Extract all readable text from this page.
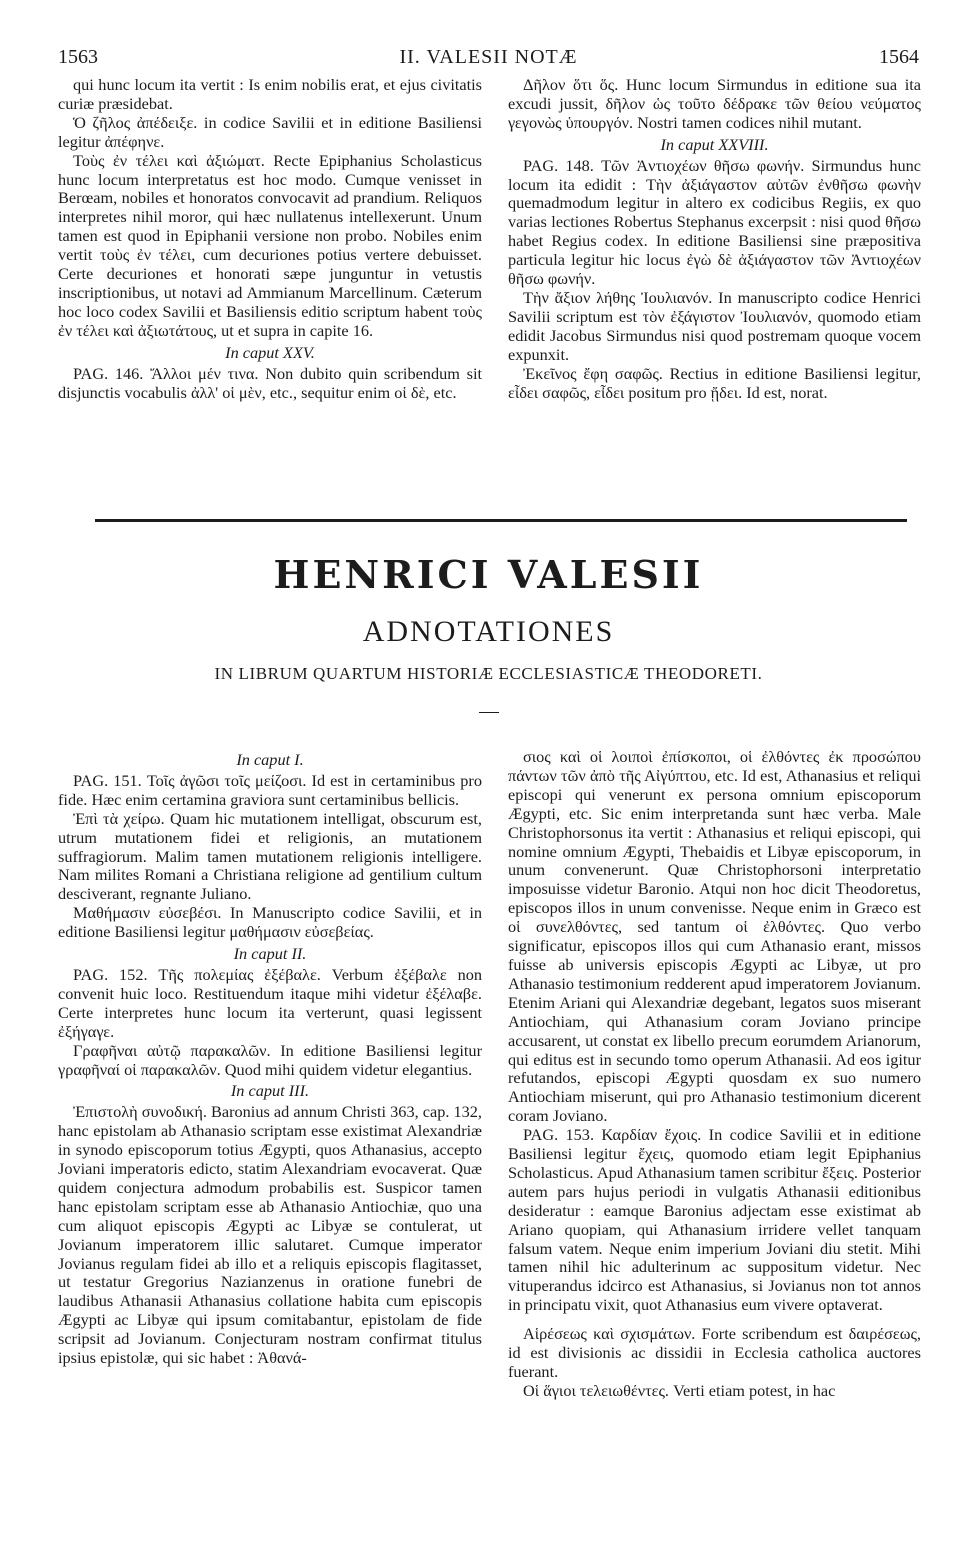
1563	II. VALESII NOTÆ	1564

qui hunc locum ita vertit : Is enim nobilis erat, et ejus civitatis curiæ præsidebat.

Ὁ ζῆλος ἀπέδειξε. in codice Savilii et in editione Basiliensi legitur ἀπέφηνε.

Τοὺς ἐν τέλει καὶ ἀξιώματ. Recte Epiphanius Scholasticus hunc locum interpretatus est hoc modo. Cumque venisset in Berœam, nobiles et honoratos convocavit ad prandium. Reliquos interpretes nihil moror, qui hæc nullatenus intellexerunt. Unum tamen est quod in Epiphanii versione non probo. Nobiles enim vertit τοὺς ἐν τέλει, cum decuriones potius vertere debuisset. Certe decuriones et honorati sæpe junguntur in vetustis inscriptionibus, ut notavi ad Ammianum Marcellinum. Cæterum hoc loco codex Savilii et Basiliensis editio scriptum habent τοὺς ἐν τέλει καὶ ἀξιωτάτους, ut et supra in capite 16.

In caput XXV.

PAG. 146. Ἄλλοι μέν τινα. Non dubito quin scribendum sit disjunctis vocabulis ἀλλ' οἱ μὲν, etc., sequitur enim οἱ δὲ, etc.

Δῆλον ὅτι ὅς. Hunc locum Sirmundus in editione sua ita excudi jussit, δῆλον ὡς τοῦτο δέδρακε τῶν θείου νεύματος γεγονὼς ὑπουργόν. Nostri tamen codices nihil mutant.

In caput XXVIII.

PAG. 148. Τῶν Ἀντιοχέων θῆσω φωνήν. Sirmundus hunc locum ita edidit : Τὴν ἀξιάγαστον αὐτῶν ἐνθῆσω φωνὴν quemadmodum legitur in altero ex codicibus Regiis, ex quo varias lectiones Robertus Stephanus excerpsit : nisi quod θῆσω habet Regius codex. In editione Basiliensi sine præpositiva particula legitur hic locus ἐγὼ δὲ ἀξιάγαστον τῶν Ἀντιοχέων θῆσω φωνήν.

Τὴν ἄξιον λήθης Ἰουλιανόν. In manuscripto codice Henrici Savilii scriptum est τὸν ἐξάγιστον Ἰουλιανόν, quomodo etiam edidit Jacobus Sirmundus nisi quod postremam quoque vocem expunxit.

Ἐκεῖνος ἔφη σαφῶς. Rectius in editione Basiliensi legitur, εἶδει σαφῶς, εἶδει positum pro ᾔδει. Id est, norat.

HENRICI VALESII
ADNOTATIONES
IN LIBRUM QUARTUM HISTORIÆ ECCLESIASTICÆ THEODORETI.

In caput I.

PAG. 151. Τοῖς ἀγῶσι τοῖς μείζοσι. Id est in certaminibus pro fide. Hæc enim certamina graviora sunt certaminibus bellicis.

Ἐπὶ τὰ χείρω. Quam hic mutationem intelligat, obscurum est, utrum mutationem fidei et religionis, an mutationem suffragiorum. Malim tamen mutationem religionis intelligere. Nam milites Romani a Christiana religione ad gentilium cultum desciverant, regnante Juliano.

Μαθήμασιν εὐσεβέσι. In Manuscripto codice Savilii, et in editione Basiliensi legitur μαθήμασιν εὐσεβείας.

In caput II.

PAG. 152. Τῆς πολεμίας ἐξέβαλε. Verbum ἐξέβαλε non convenit huic loco. Restituendum itaque mihi videtur ἐξέλαβε. Certe interpretes hunc locum ita verterunt, quasi legissent ἐξήγαγε.

Γραφῆναι αὐτῷ παρακαλῶν. In editione Basiliensi legitur γραφῆναί οἱ παρακαλῶν. Quod mihi quidem videtur elegantius.

In caput III.

Ἐπιστολὴ συνοδική. Baronius ad annum Christi 363, cap. 132, hanc epistolam ab Athanasio scriptam esse existimat Alexandriæ in synodo episcoporum totius Ægypti, quos Athanasius, accepto Joviani imperatoris edicto, statim Alexandriam evocaverat. Quæ quidem conjectura admodum probabilis est. Suspicor tamen hanc epistolam scriptam esse ab Athanasio Antiochiæ, quo una cum aliquot episcopis Ægypti ac Libyæ se contulerat, ut Jovianum imperatorem illic salutaret. Cumque imperator Jovianus regulam fidei ab illo et a reliquis episcopis flagitasset, ut testatur Gregorius Nazianzenus in oratione funebri de laudibus Athanasii Athanasius collatione habita cum episcopis Ægypti ac Libyæ qui ipsum comitabantur, epistolam de fide scripsit ad Jovianum. Conjecturam nostram confirmat titulus ipsius epistolæ, qui sic habet : Ἀθανά-

σιος καὶ οἱ λοιποὶ ἐπίσκοποι, οἱ ἐλθόντες ἐκ προσώπου πάντων τῶν ἀπὸ τῆς Αἰγύπτου, etc. Id est, Athanasius et reliqui episcopi qui venerunt ex persona omnium episcoporum Ægypti, etc. Sic enim interpretanda sunt hæc verba. Male Christophorsonus ita vertit : Athanasius et reliqui episcopi, qui nomine omnium Ægypti, Thebaidis et Libyæ episcoporum, in unum convenerunt. Quæ Christophorsoni interpretatio imposuisse videtur Baronio. Atqui non hoc dicit Theodoretus, episcopos illos in unum convenisse. Neque enim in Græco est οἱ συνελθόντες, sed tantum οἱ ἐλθόντες. Quo verbo significatur, episcopos illos qui cum Athanasio erant, missos fuisse ab universis episcopis Ægypti ac Libyæ, ut pro Athanasio testimonium redderent apud imperatorem Jovianum. Etenim Ariani qui Alexandriæ degebant, legatos suos miserant Antiochiam, qui Athanasium coram Joviano principe accusarent, ut constat ex libello precum eorumdem Arianorum, qui editus est in secundo tomo operum Athanasii. Ad eos igitur refutandos, episcopi Ægypti quosdam ex suo numero Antiochiam miserunt, qui pro Athanasio testimonium dicerent coram Joviano.

PAG. 153. Καρδίαν ἔχοις. In codice Savilii et in editione Basiliensi legitur ἔχεις, quomodo etiam legit Epiphanius Scholasticus. Apud Athanasium tamen scribitur ἔξεις. Posterior autem pars hujus periodi in vulgatis Athanasii editionibus desideratur : eamque Baronius adjectam esse existimat ab Ariano quopiam, qui Athanasium irridere vellet tanquam falsum vatem. Neque enim imperium Joviani diu stetit. Mihi tamen nihil hic adulterinum ac suppositum videtur. Nec vituperandus idcirco est Athanasius, si Jovianus non tot annos in principatu vixit, quot Athanasius eum vivere optaverat.

Αἱρέσεως καὶ σχισμάτων. Forte scribendum est δαιρέσεως, id est divisionis ac dissidii in Ecclesia catholica auctores fuerant.

Οἱ ἅγιοι τελειωθέντες. Verti etiam potest, in hac
